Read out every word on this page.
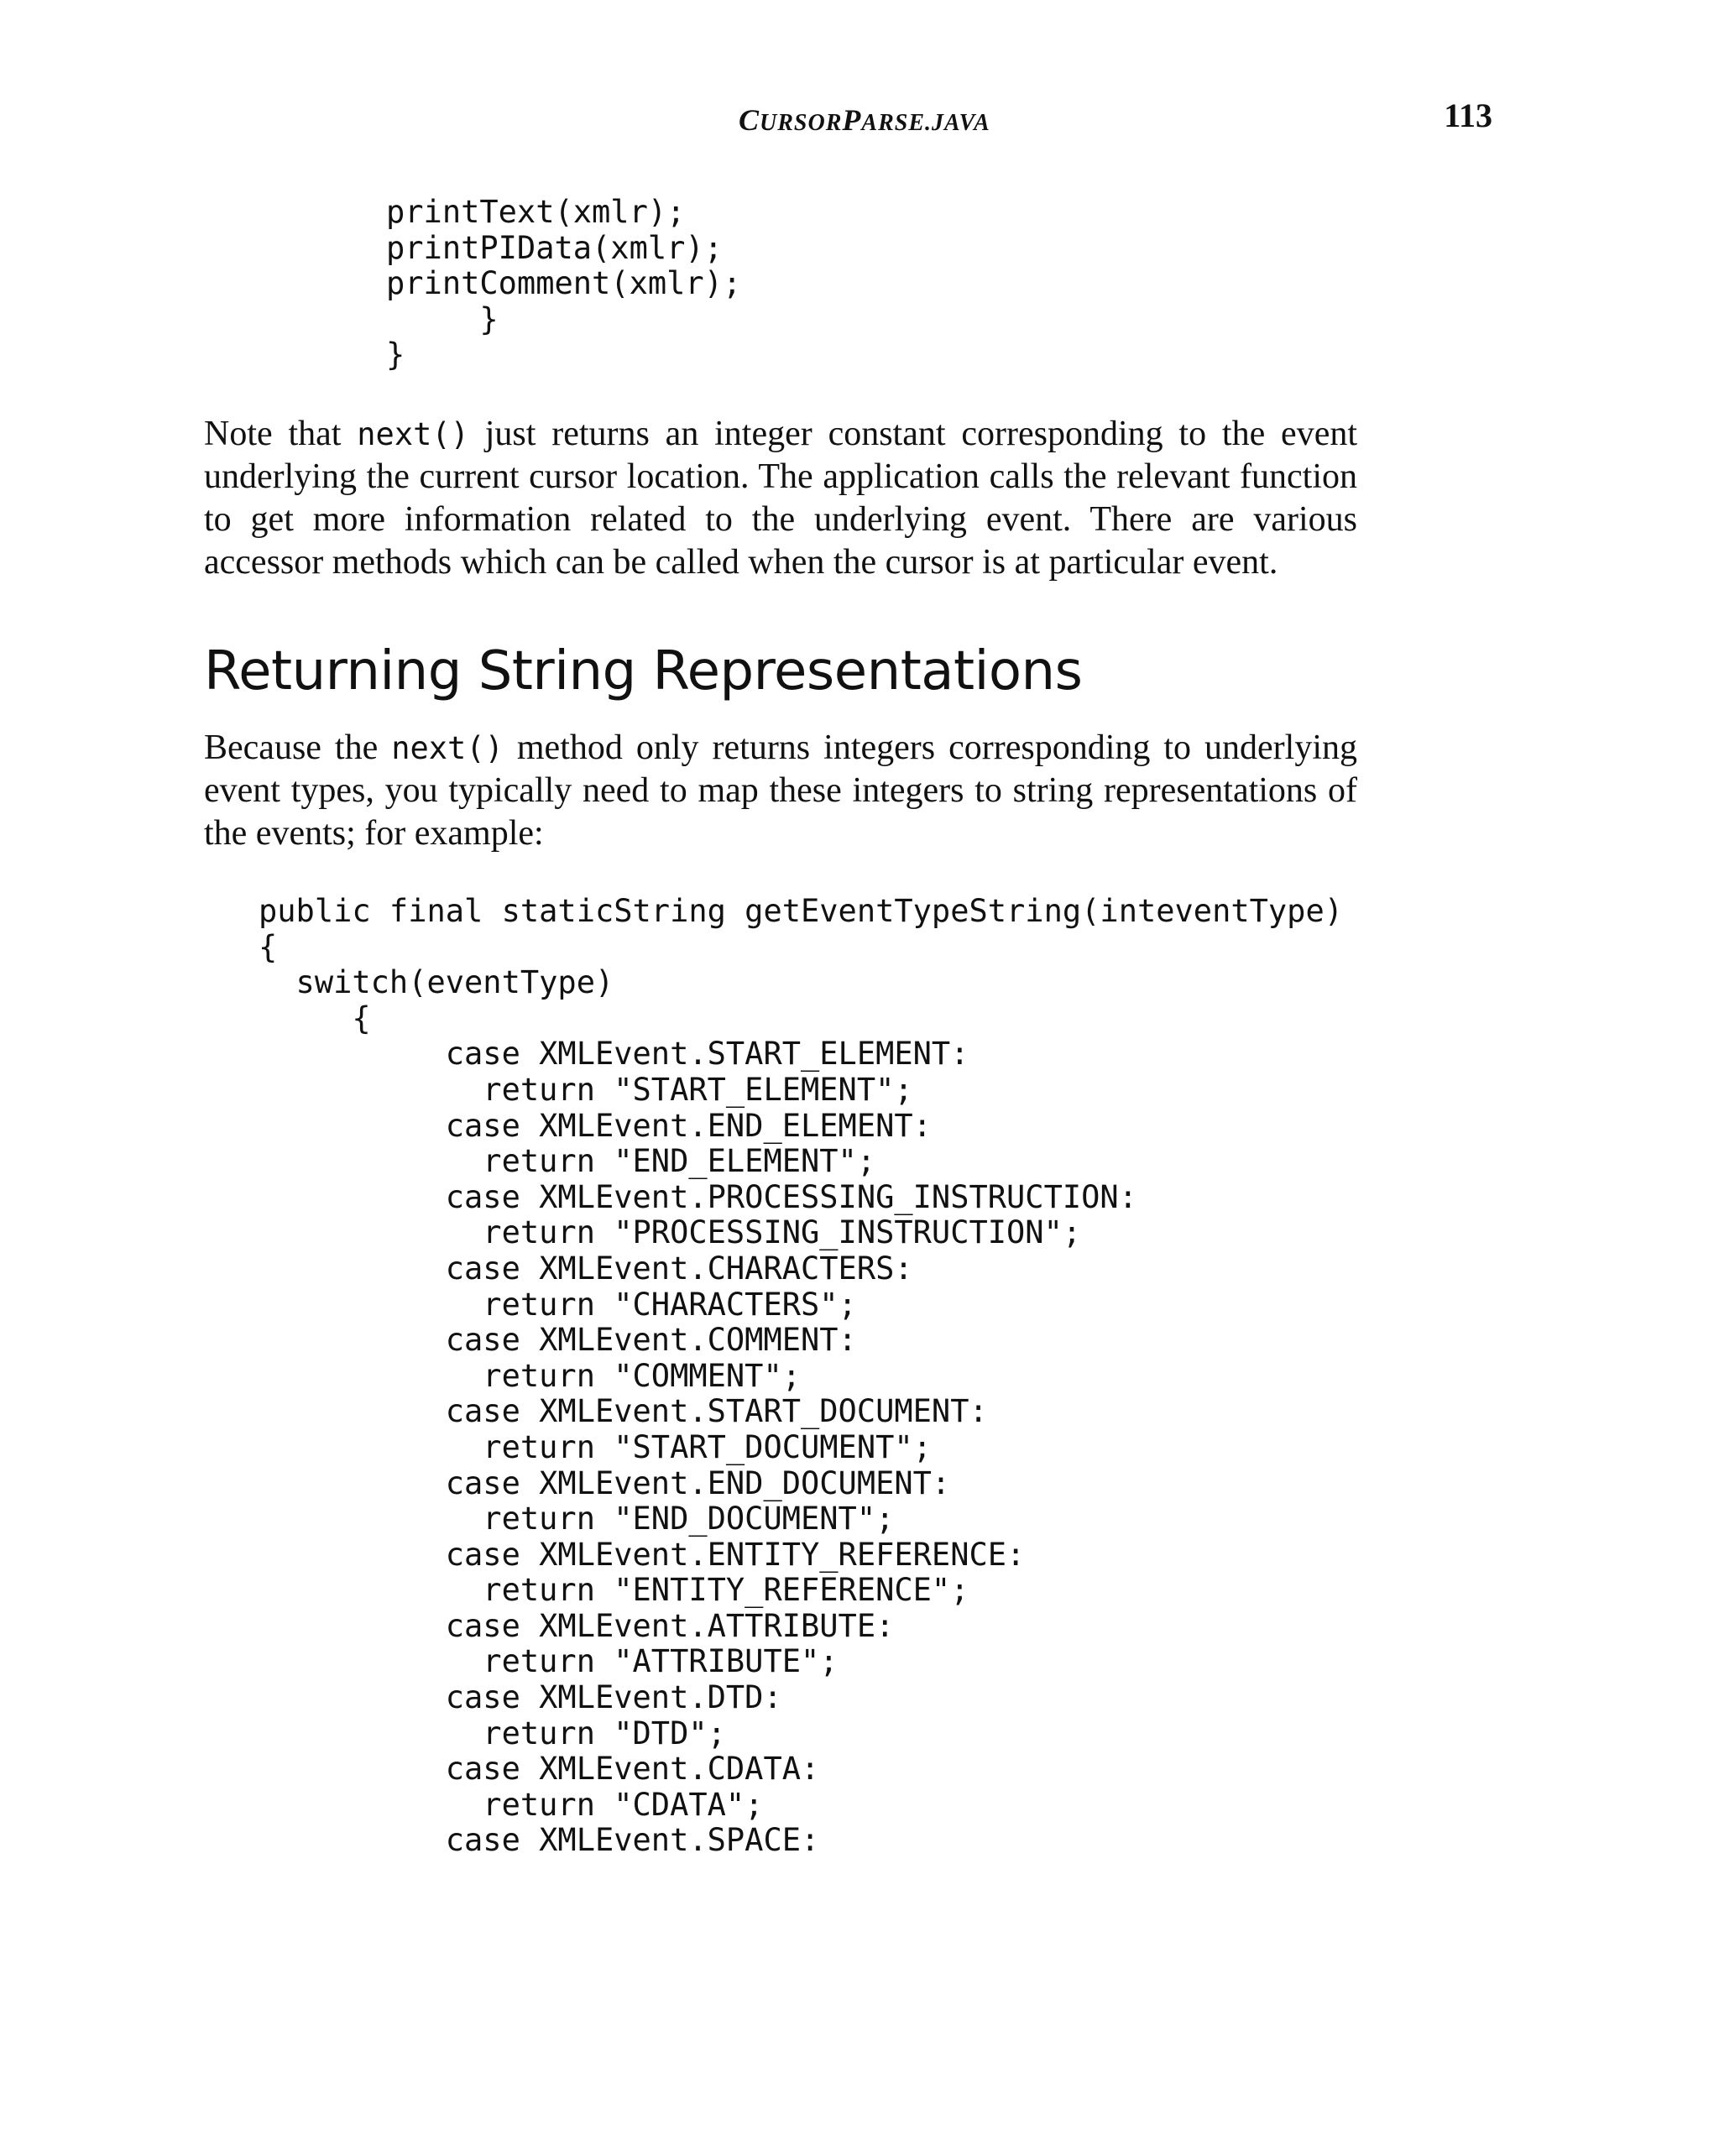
CURSORPARSE.JAVA	113
printText(xmlr);
printPIData(xmlr);
printComment(xmlr);
}
}

Note that next() just returns an integer constant corresponding to the event underlying the current cursor location. The application calls the relevant function to get more information related to the underlying event. There are various accessor methods which can be called when the cursor is at particular event.

Returning String Representations

Because the next() method only returns integers corresponding to underlying event types, you typically need to map these integers to string representations of the events; for example:

public final staticString getEventTypeString(inteventType)
{
switch(eventType)
{
case XMLEvent.START_ELEMENT:
return "START_ELEMENT";
case XMLEvent.END_ELEMENT:
return "END_ELEMENT";
case XMLEvent.PROCESSING_INSTRUCTION:
return "PROCESSING_INSTRUCTION";
case XMLEvent.CHARACTERS:
return "CHARACTERS";
case XMLEvent.COMMENT:
return "COMMENT";
case XMLEvent.START_DOCUMENT:
return "START_DOCUMENT";
case XMLEvent.END_DOCUMENT:
return "END_DOCUMENT";
case XMLEvent.ENTITY_REFERENCE:
return "ENTITY_REFERENCE";
case XMLEvent.ATTRIBUTE:
return "ATTRIBUTE";
case XMLEvent.DTD:
return "DTD";
case XMLEvent.CDATA:
return "CDATA";
case XMLEvent.SPACE:
